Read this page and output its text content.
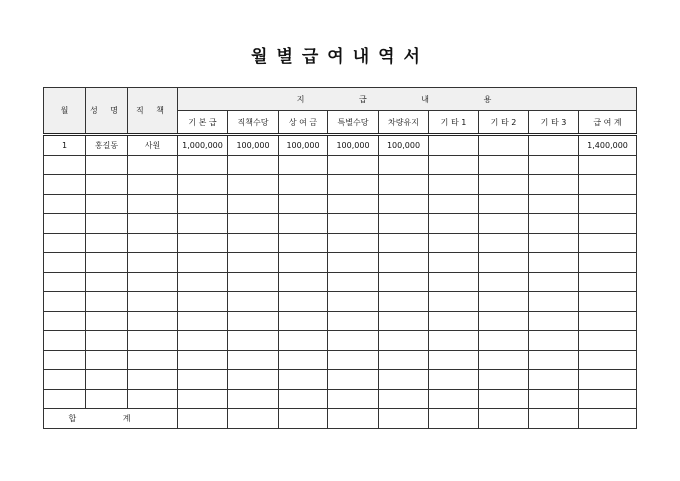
월별급여내역서
월	성 명	직 책	지 급 내 용								
			기 본 급	직책수당	상 여 금	특별수당	차량유지	기 타 1	기 타 2	기 타 3	급 여 계
1	홍길동	사원	1,000,000	100,000	100,000	100,000	100,000				1,400,000

합 계											
